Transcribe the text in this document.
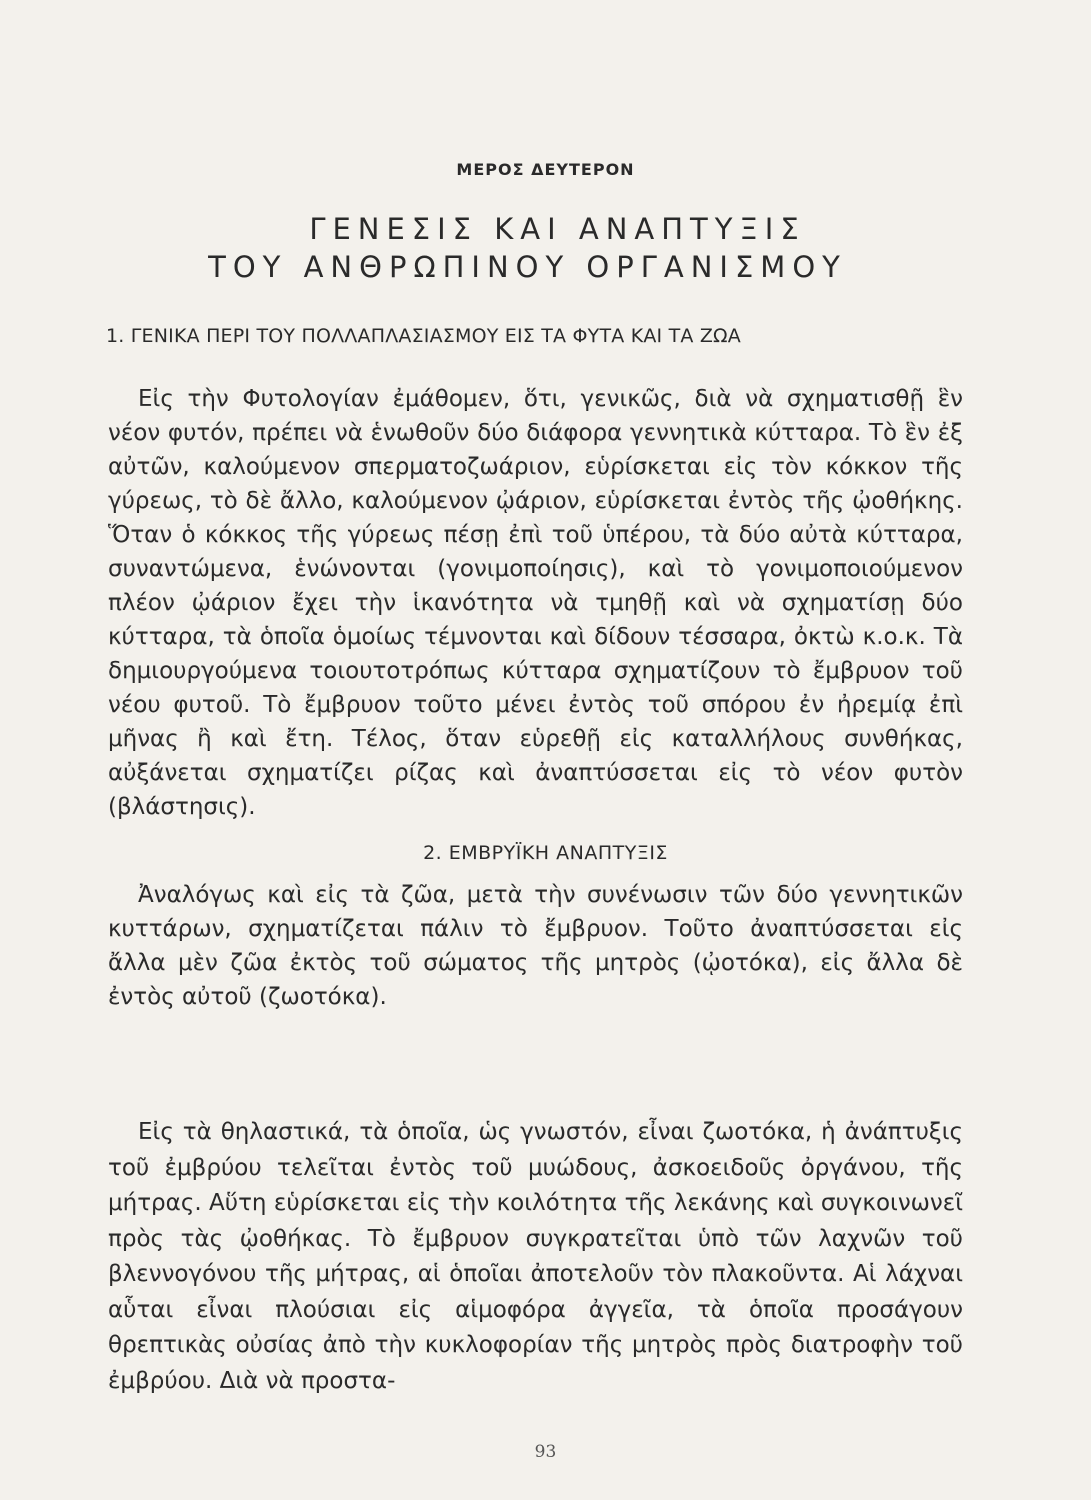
ΜΕΡΟΣ ΔΕΥΤΕΡΟΝ
ΓΕΝΕΣΙΣ ΚΑΙ ΑΝΑΠΤΥΞΙΣ
ΤΟΥ ΑΝΘΡΩΠΙΝΟΥ ΟΡΓΑΝΙΣΜΟΥ
1. ΓΕΝΙΚΑ ΠΕΡΙ ΤΟΥ ΠΟΛΛΑΠΛΑΣΙΑΣΜΟΥ ΕΙΣ ΤΑ ΦΥΤΑ ΚΑΙ ΤΑ ΖΩΑ

Εἰς τὴν Φυτολογίαν ἐμάθομεν, ὅτι, γενικῶς, διὰ νὰ σχηματισθῇ ἓν νέον φυτόν, πρέπει νὰ ἑνωθοῦν δύο διάφορα γεννητικὰ κύτταρα. Τὸ ἓν ἐξ αὐτῶν, καλούμενον σπερματοζωάριον, εὑρίσκεται εἰς τὸν κόκκον τῆς γύρεως, τὸ δὲ ἄλλο, καλούμενον ᾠάριον, εὑρίσκεται ἐντὸς τῆς ᾠοθήκης. Ὅταν ὁ κόκκος τῆς γύρεως πέσῃ ἐπὶ τοῦ ὑπέρου, τὰ δύο αὐτὰ κύτταρα, συναντώμενα, ἑνώνονται (γονιμοποίησις), καὶ τὸ γονιμοποιούμενον πλέον ᾠάριον ἔχει τὴν ἱκανότητα νὰ τμηθῇ καὶ νὰ σχηματίσῃ δύο κύτταρα, τὰ ὁποῖα ὁμοίως τέμνονται καὶ δίδουν τέσσαρα, ὀκτὼ κ.ο.κ. Τὰ δημιουργούμενα τοιουτοτρόπως κύτταρα σχηματίζουν τὸ ἔμβρυον τοῦ νέου φυτοῦ. Τὸ ἔμβρυον τοῦτο μένει ἐντὸς τοῦ σπόρου ἐν ἠρεμίᾳ ἐπὶ μῆνας ἢ καὶ ἔτη. Τέλος, ὅταν εὑρεθῇ εἰς καταλλήλους συνθήκας, αὐξάνεται σχηματίζει ρίζας καὶ ἀναπτύσσεται εἰς τὸ νέον φυτὸν (βλάστησις).

Ἀναλόγως καὶ εἰς τὰ ζῶα, μετὰ τὴν συνένωσιν τῶν δύο γεννητικῶν κυττάρων, σχηματίζεται πάλιν τὸ ἔμβρυον. Τοῦτο ἀναπτύσσεται εἰς ἄλλα μὲν ζῶα ἐκτὸς τοῦ σώματος τῆς μητρὸς (ᾠοτόκα), εἰς ἄλλα δὲ ἐντὸς αὐτοῦ (ζωοτόκα).

2. ΕΜΒΡΥΪΚΗ ΑΝΑΠΤΥΞΙΣ

Εἰς τὰ θηλαστικά, τὰ ὁποῖα, ὡς γνωστόν, εἶναι ζωοτόκα, ἡ ἀνάπτυξις τοῦ ἐμβρύου τελεῖται ἐντὸς τοῦ μυώδους, ἀσκοειδοῦς ὀργάνου, τῆς μήτρας. Αὕτη εὑρίσκεται εἰς τὴν κοιλότητα τῆς λεκάνης καὶ συγκοινωνεῖ πρὸς τὰς ᾠοθήκας. Τὸ ἔμβρυον συγκρατεῖται ὑπὸ τῶν λαχνῶν τοῦ βλεννογόνου τῆς μήτρας, αἱ ὁποῖαι ἀποτελοῦν τὸν πλακοῦντα. Αἱ λάχναι αὗται εἶναι πλούσιαι εἰς αἱμοφόρα ἀγγεῖα, τὰ ὁποῖα προσάγουν θρεπτικὰς οὐσίας ἀπὸ τὴν κυκλοφορίαν τῆς μητρὸς πρὸς διατροφὴν τοῦ ἐμβρύου. Διὰ νὰ προστα-

93
